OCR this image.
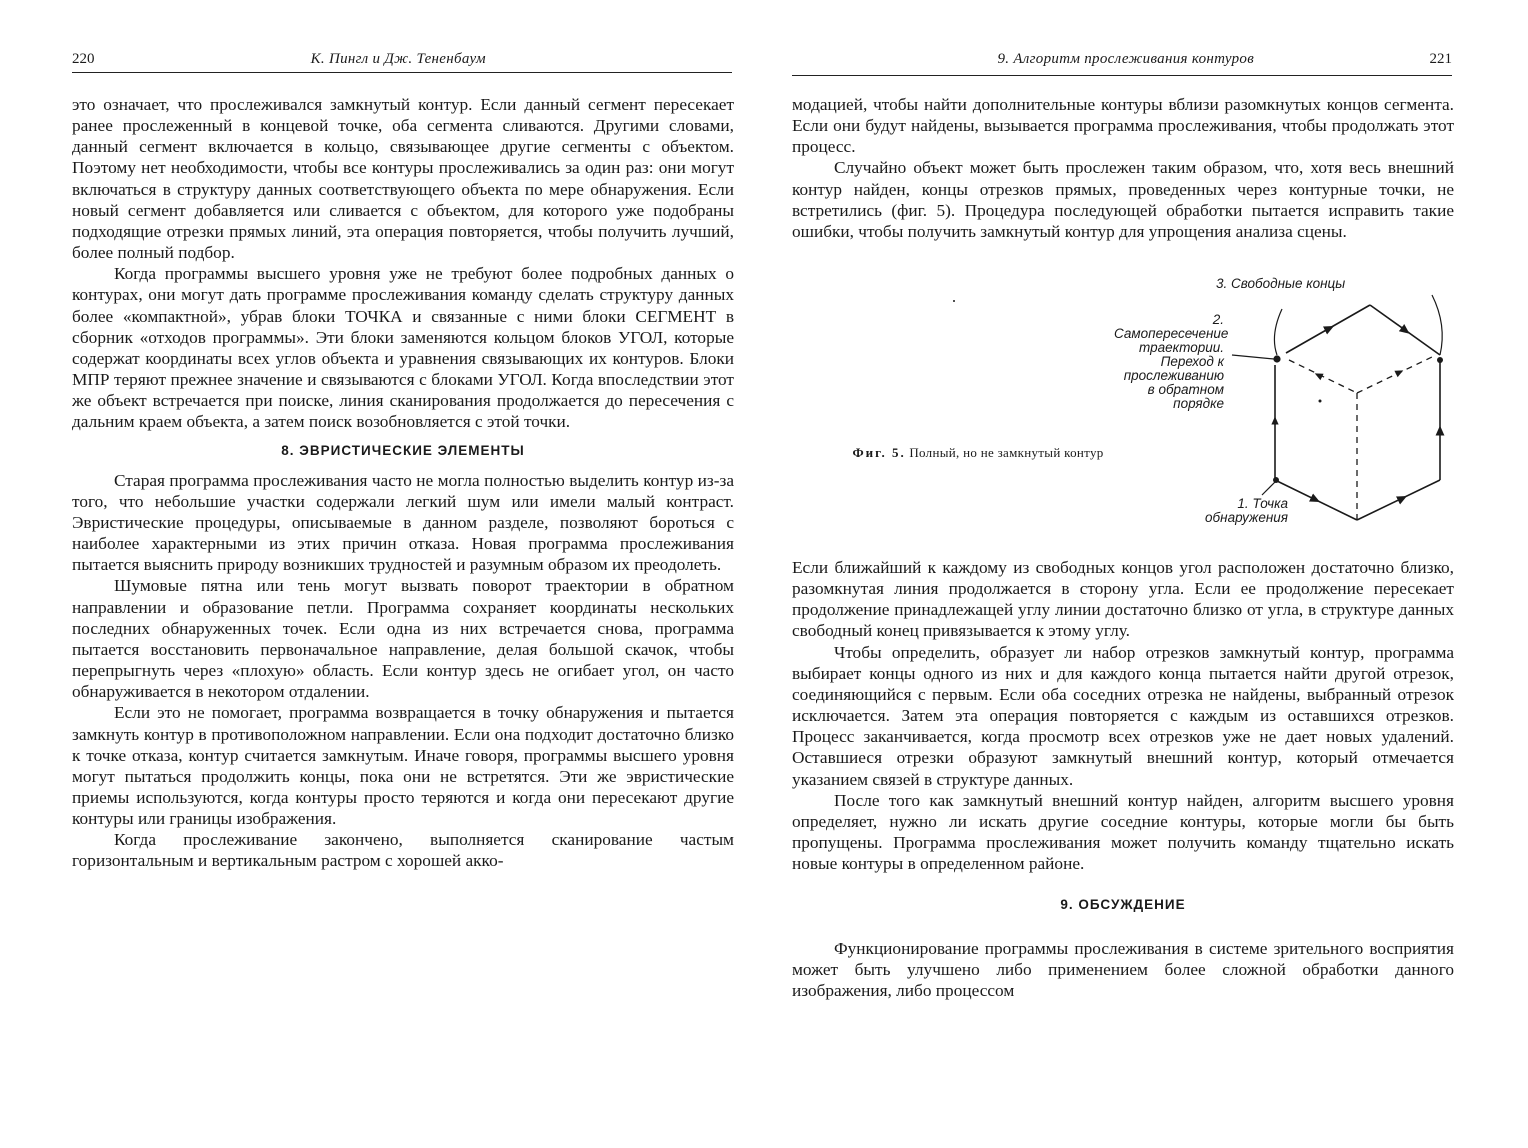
220	К. Пингл и Дж. Тененбаум

это означает, что прослеживался замкнутый контур. Если данный сегмент пересекает ранее прослеженный в концевой точке, оба сегмента сливаются. Другими словами, данный сегмент включается в кольцо, связывающее другие сегменты с объектом. Поэтому нет необходимости, чтобы все контуры прослеживались за один раз: они могут включаться в структуру данных соответствующего объекта по мере обнаружения. Если новый сегмент добавляется или сливается с объектом, для которого уже подобраны подходящие отрезки прямых линий, эта операция повторяется, чтобы получить лучший, более полный подбор.

Когда программы высшего уровня уже не требуют более подробных данных о контурах, они могут дать программе прослеживания команду сделать структуру данных более «компактной», убрав блоки ТОЧКА и связанные с ними блоки СЕГМЕНТ в сборник «отходов программы». Эти блоки заменяются кольцом блоков УГОЛ, которые содержат координаты всех углов объекта и уравнения связывающих их контуров. Блоки МПР теряют прежнее значение и связываются с блоками УГОЛ. Когда впоследствии этот же объект встречается при поиске, линия сканирования продолжается до пересечения с дальним краем объекта, а затем поиск возобновляется с этой точки.

8. ЭВРИСТИЧЕСКИЕ ЭЛЕМЕНТЫ

Старая программа прослеживания часто не могла полностью выделить контур из-за того, что небольшие участки содержали легкий шум или имели малый контраст. Эвристические процедуры, описываемые в данном разделе, позволяют бороться с наиболее характерными из этих причин отказа. Новая программа прослеживания пытается выяснить природу возникших трудностей и разумным образом их преодолеть.

Шумовые пятна или тень могут вызвать поворот траектории в обратном направлении и образование петли. Программа сохраняет координаты нескольких последних обнаруженных точек. Если одна из них встречается снова, программа пытается восстановить первоначальное направление, делая большой скачок, чтобы перепрыгнуть через «плохую» область. Если контур здесь не огибает угол, он часто обнаруживается в некотором отдалении.

Если это не помогает, программа возвращается в точку обнаружения и пытается замкнуть контур в противоположном направлении. Если она подходит достаточно близко к точке отказа, контур считается замкнутым. Иначе говоря, программы высшего уровня могут пытаться продолжить концы, пока они не встретятся. Эти же эвристические приемы используются, когда контуры просто теряются и когда они пересекают другие контуры или границы изображения.

Когда прослеживание закончено, выполняется сканирование частым горизонтальным и вертикальным растром с хорошей акко-

9. Алгоритм прослеживания контуров	221

модацией, чтобы найти дополнительные контуры вблизи разомкнутых концов сегмента. Если они будут найдены, вызывается программа прослеживания, чтобы продолжать этот процесс.

Случайно объект может быть прослежен таким образом, что, хотя весь внешний контур найден, концы отрезков прямых, проведенных через контурные точки, не встретились (фиг. 5). Процедура последующей обработки пытается исправить такие ошибки, чтобы получить замкнутый контур для упрощения анализа сцены.

Фиг. 5. Полный, но не замкнутый контур
3. Свободные концы
2. Самопересечение траектории. Переход к прослеживанию в обратном порядке
1. Точка обнаружения

Если ближайший к каждому из свободных концов угол расположен достаточно близко, разомкнутая линия продолжается в сторону угла. Если ее продолжение пересекает продолжение принадлежащей углу линии достаточно близко от угла, в структуре данных свободный конец привязывается к этому углу.

Чтобы определить, образует ли набор отрезков замкнутый контур, программа выбирает концы одного из них и для каждого конца пытается найти другой отрезок, соединяющийся с первым. Если оба соседних отрезка не найдены, выбранный отрезок исключается. Затем эта операция повторяется с каждым из оставшихся отрезков. Процесс заканчивается, когда просмотр всех отрезков уже не дает новых удалений. Оставшиеся отрезки образуют замкнутый внешний контур, который отмечается указанием связей в структуре данных.

После того как замкнутый внешний контур найден, алгоритм высшего уровня определяет, нужно ли искать другие соседние контуры, которые могли бы быть пропущены. Программа прослеживания может получить команду тщательно искать новые контуры в определенном районе.

9. ОБСУЖДЕНИЕ

Функционирование программы прослеживания в системе зрительного восприятия может быть улучшено либо применением более сложной обработки данного изображения, либо процессом
